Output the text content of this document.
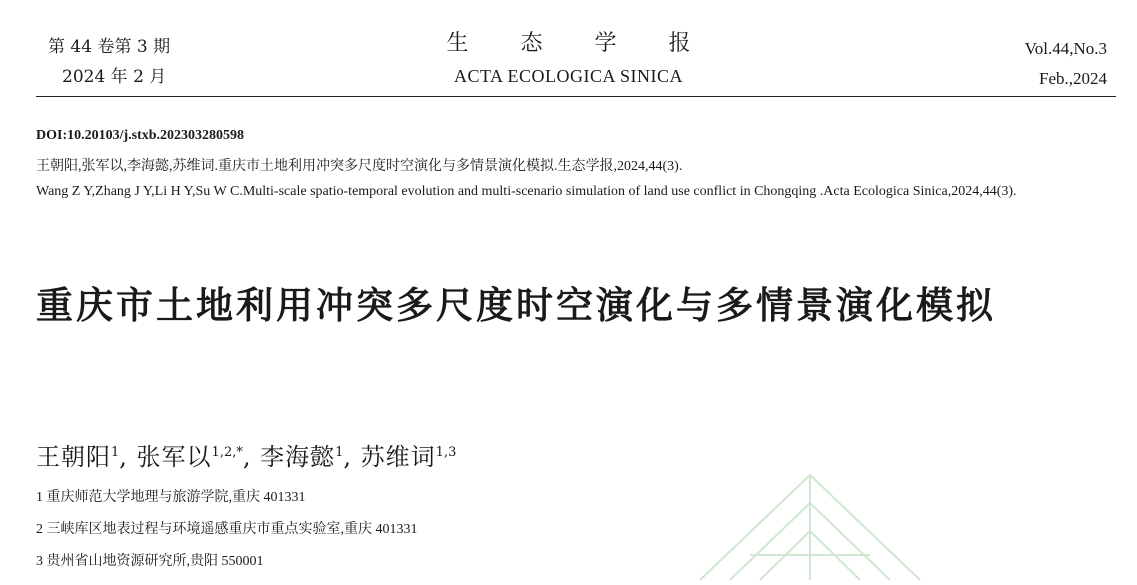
第 44 卷第 3 期
2024 年 2 月
生态学报
ACTA ECOLOGICA SINICA
Vol.44,No.3
Feb.,2024
DOI:10.20103/j.stxb.202303280598
王朝阳,张军以,李海懿,苏维词.重庆市土地利用冲突多尺度时空演化与多情景演化模拟.生态学报,2024,44(3).
Wang Z Y,Zhang J Y,Li H Y,Su W C.Multi-scale spatio-temporal evolution and multi-scenario simulation of land use conflict in Chongqing .Acta Ecologica Sinica,2024,44(3).
重庆市土地利用冲突多尺度时空演化与多情景演化模拟
王朝阳$^1$, 张军以$^{1,2,*}$, 李海懿$^1$, 苏维词$^{1,3}$
1 重庆师范大学地理与旅游学院,重庆 401331
2 三峡库区地表过程与环境遥感重庆市重点实验室,重庆 401331
3 贵州省山地资源研究所,贵阳 550001
